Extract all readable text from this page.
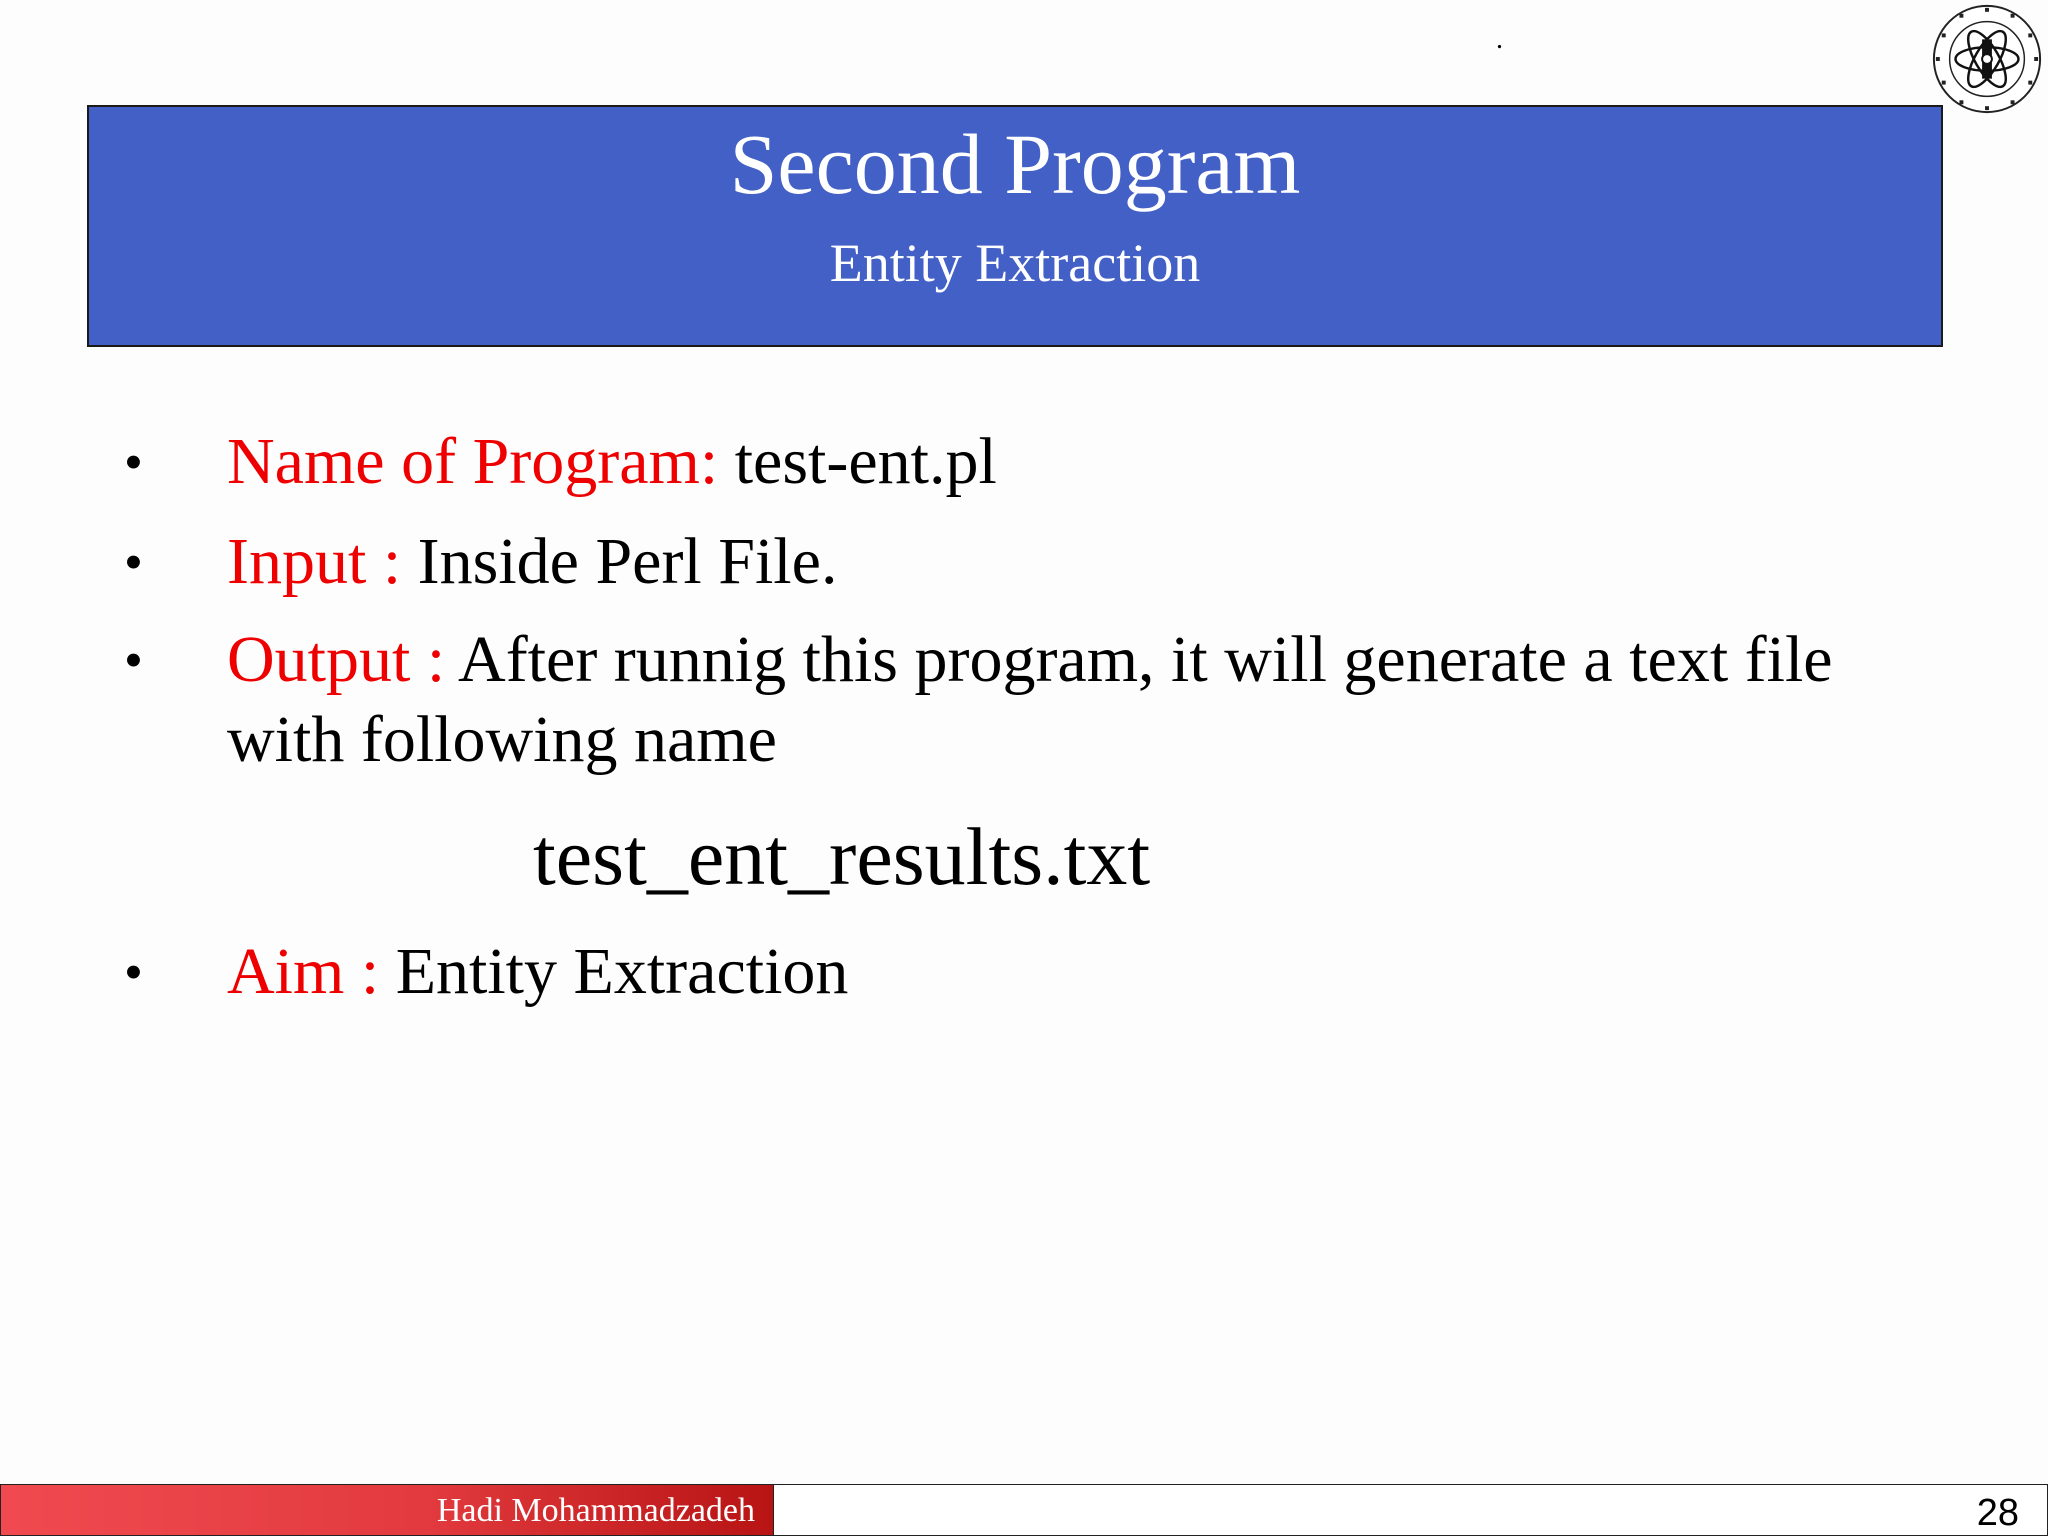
.
Second Program
Entity Extraction
•	Name of Program: test-ent.pl
•	Input : Inside Perl File.
•	Output : After runnig this program, it will generate a text file with following name
test_ent_results.txt
•	Aim : Entity Extraction
Hadi Mohammadzadeh	28
